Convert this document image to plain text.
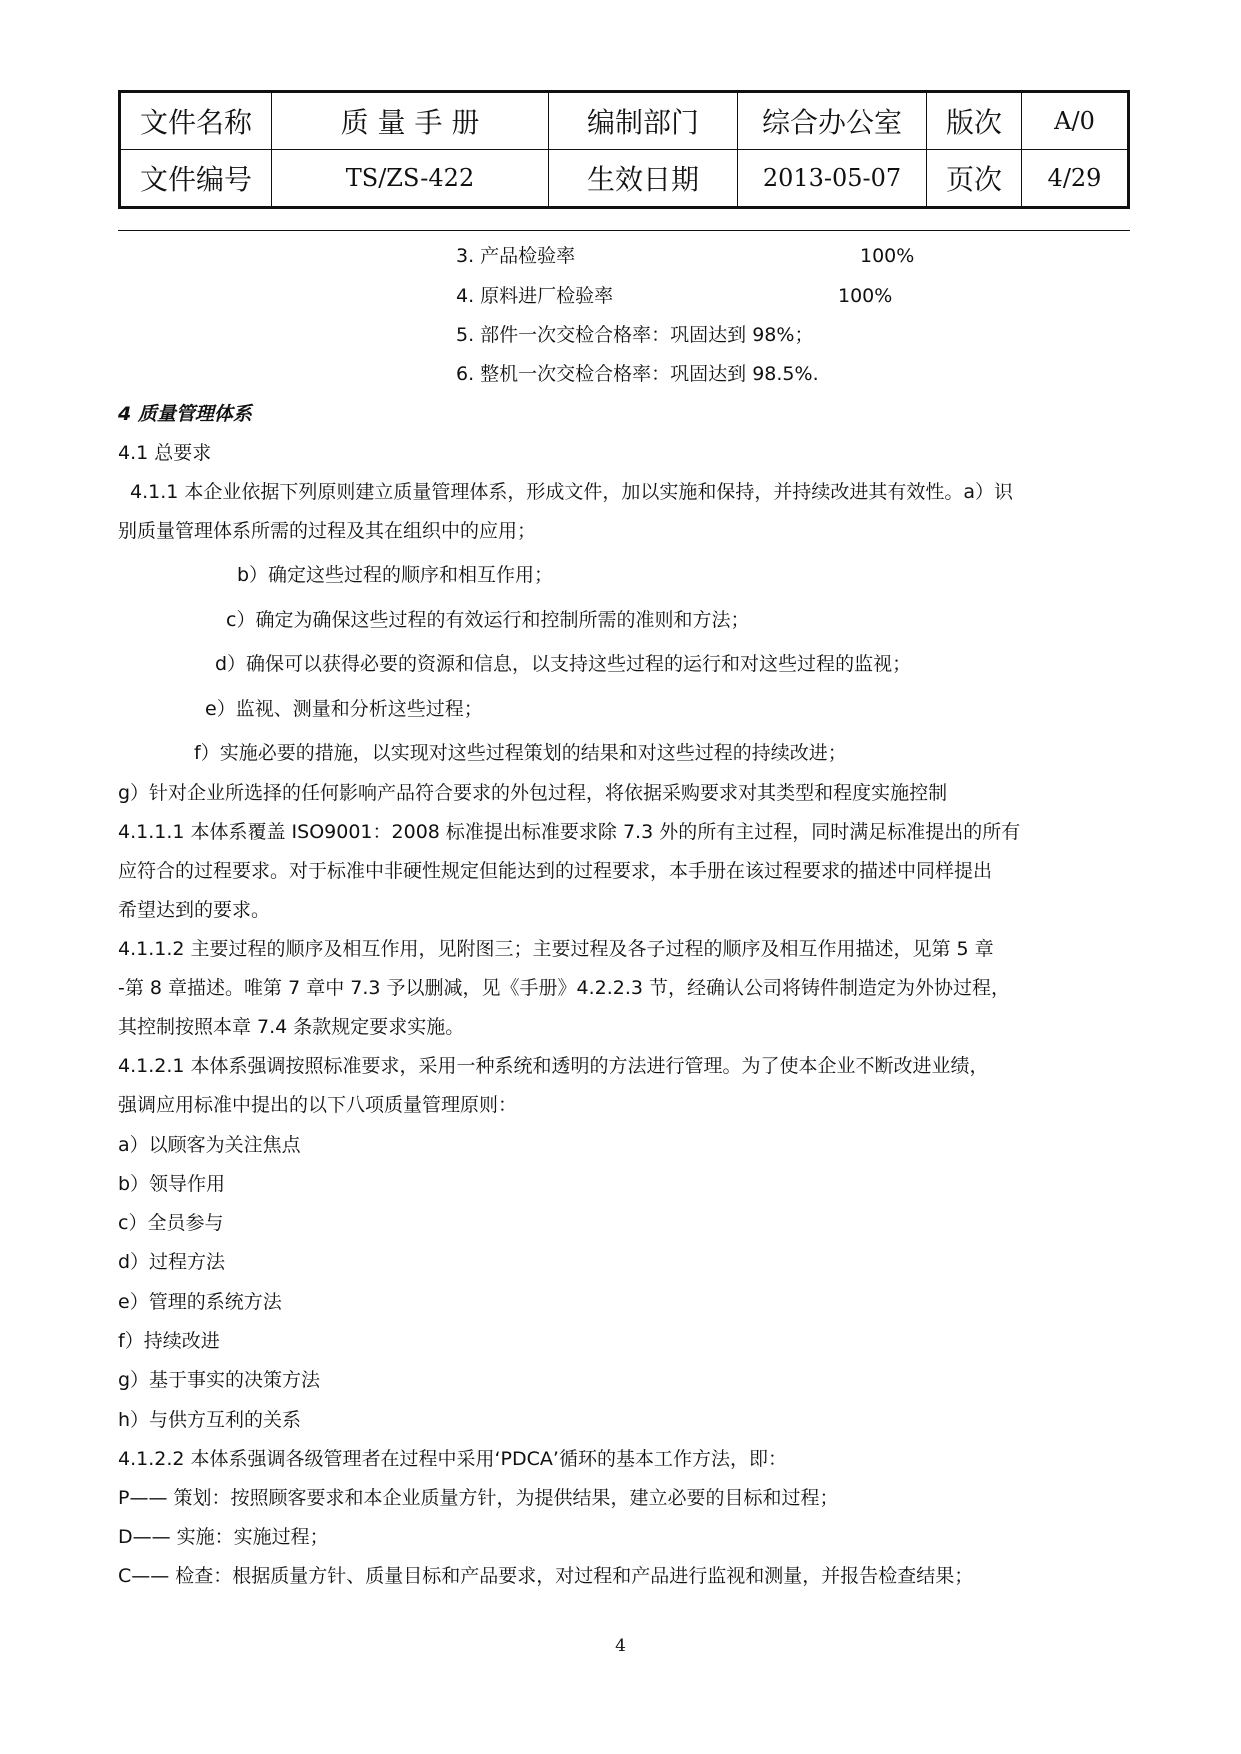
文件名称	质 量 手 册	编制部门	综合办公室	版次	A/0
文件编号	TS/ZS-422	生效日期	2013-05-07	页次	4/29
3. 产品检验率	100%
4. 原料进厂检验率	100%
5. 部件一次交检合格率：巩固达到 98%；
6. 整机一次交检合格率：巩固达到 98.5%.
4 质量管理体系
4.1 总要求
4.1.1 本企业依据下列原则建立质量管理体系，形成文件，加以实施和保持，并持续改进其有效性。a）识
别质量管理体系所需的过程及其在组织中的应用；
b）确定这些过程的顺序和相互作用；
c）确定为确保这些过程的有效运行和控制所需的准则和方法；
d）确保可以获得必要的资源和信息，以支持这些过程的运行和对这些过程的监视；
e）监视、测量和分析这些过程；
f）实施必要的措施，以实现对这些过程策划的结果和对这些过程的持续改进；
g）针对企业所选择的任何影响产品符合要求的外包过程，将依据采购要求对其类型和程度实施控制
4.1.1.1 本体系覆盖 ISO9001：2008 标准提出标准要求除 7.3 外的所有主过程，同时满足标准提出的所有
应符合的过程要求。对于标准中非硬性规定但能达到的过程要求，本手册在该过程要求的描述中同样提出
希望达到的要求。
4.1.1.2 主要过程的顺序及相互作用，见附图三；主要过程及各子过程的顺序及相互作用描述，见第 5 章
-第 8 章描述。唯第 7 章中 7.3 予以删减，见《手册》4.2.2.3 节，经确认公司将铸件制造定为外协过程，
其控制按照本章 7.4 条款规定要求实施。
4.1.2.1 本体系强调按照标准要求，采用一种系统和透明的方法进行管理。为了使本企业不断改进业绩，
强调应用标准中提出的以下八项质量管理原则：
a）以顾客为关注焦点
b）领导作用
c）全员参与
d）过程方法
e）管理的系统方法
f）持续改进
g）基于事实的决策方法
h）与供方互利的关系
4.1.2.2 本体系强调各级管理者在过程中采用‘PDCA’循环的基本工作方法，即：
P—— 策划：按照顾客要求和本企业质量方针，为提供结果，建立必要的目标和过程；
D—— 实施：实施过程；
C—— 检查：根据质量方针、质量目标和产品要求，对过程和产品进行监视和测量，并报告检查结果；
4
